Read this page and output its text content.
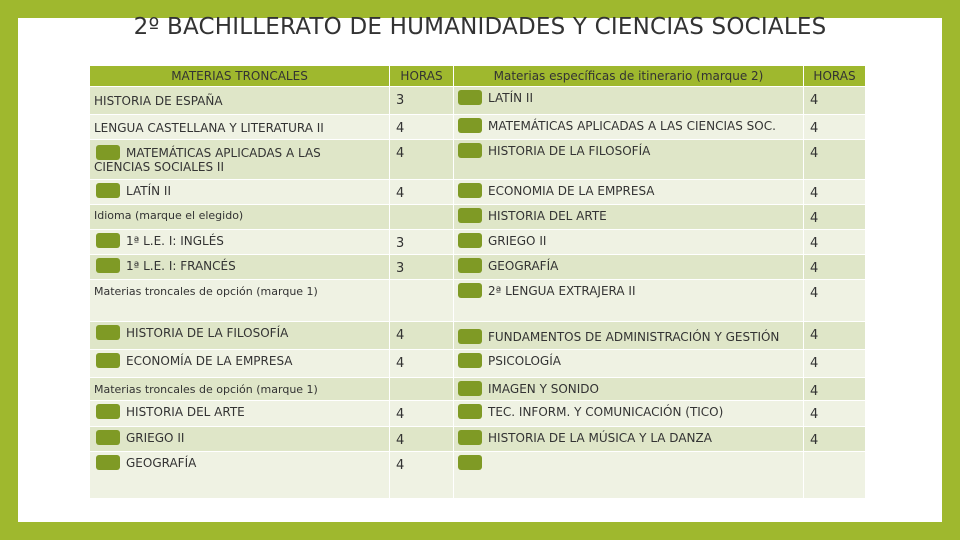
2º BACHILLERATO DE HUMANIDADES Y CIENCIAS SOCIALES
MATERIAS TRONCALES	HORAS	Materias específicas de itinerario (marque 2)	HORAS
HISTORIA DE ESPAÑA	3	LATÍN II	4
LENGUA CASTELLANA Y LITERATURA II	4	MATEMÁTICAS APLICADAS A LAS CIENCIAS SOC.	4
MATEMÁTICAS APLICADAS A LAS
CIENCIAS SOCIALES II	4	HISTORIA DE LA FILOSOFÍA	4
LATÍN II	4	ECONOMIA DE LA EMPRESA	4
Idioma (marque el elegido)		HISTORIA DEL ARTE	4
1ª L.E. I: INGLÉS	3	GRIEGO II	4
1ª L.E. I: FRANCÉS	3	GEOGRAFÍA	4
Materias troncales de opción (marque 1)		2ª LENGUA EXTRAJERA II	4
HISTORIA DE LA FILOSOFÍA	4	FUNDAMENTOS DE ADMINISTRACIÓN Y GESTIÓN	4
ECONOMÍA DE LA EMPRESA	4	PSICOLOGÍA	4
Materias troncales de opción (marque 1)		IMAGEN Y SONIDO	4
HISTORIA DEL ARTE	4	TEC. INFORM. Y COMUNICACIÓN (TICO)	4
GRIEGO II	4	HISTORIA DE LA MÚSICA Y LA DANZA	4
GEOGRAFÍA	4		
